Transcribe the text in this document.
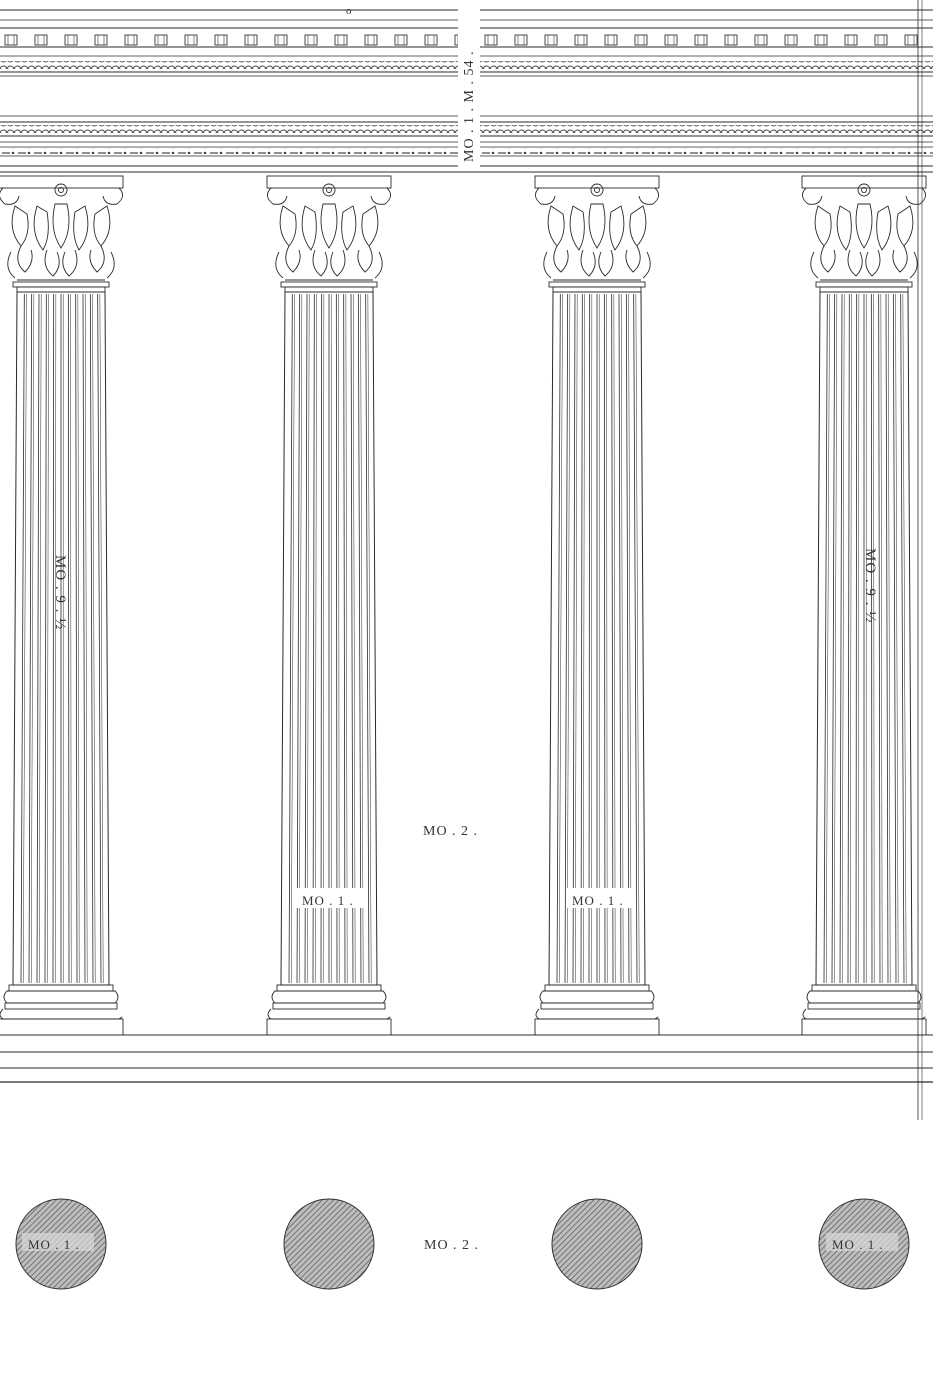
o
MO . 1 . M . 54 .
MO . 9 . ½	MO . 9 . ½
MO . 2 .
MO . 1 .	MO . 1 .
MO . 1 .	MO . 2 .	MO . 1 .
